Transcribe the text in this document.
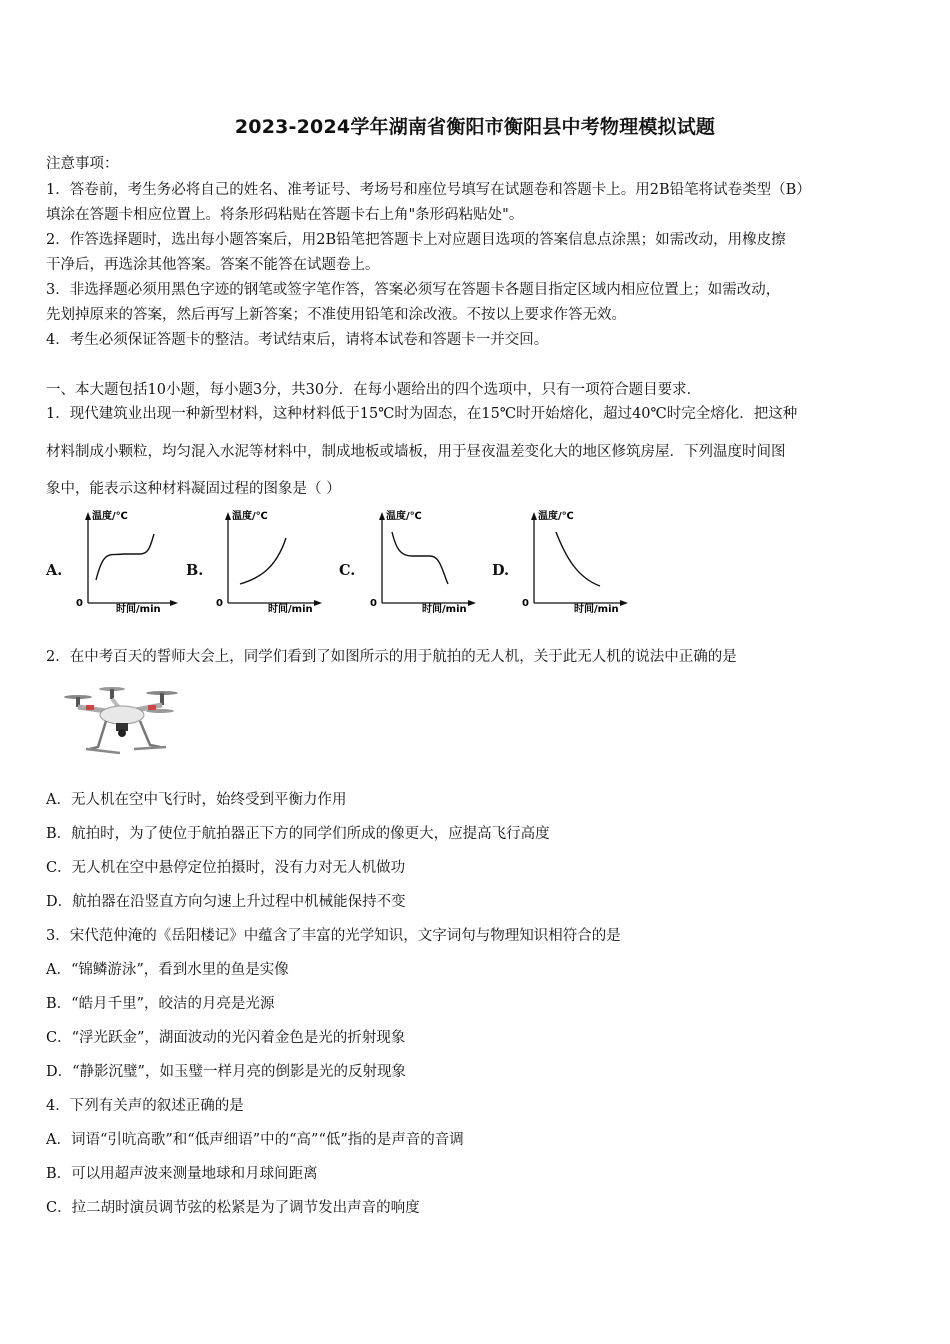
2023-2024学年湖南省衡阳市衡阳县中考物理模拟试题
注意事项：
1．答卷前，考生务必将自己的姓名、准考证号、考场号和座位号填写在试题卷和答题卡上。用2B铅笔将试卷类型（B）
填涂在答题卡相应位置上。将条形码粘贴在答题卡右上角"条形码粘贴处"。
2．作答选择题时，选出每小题答案后，用2B铅笔把答题卡上对应题目选项的答案信息点涂黑；如需改动，用橡皮擦
干净后，再选涂其他答案。答案不能答在试题卷上。
3．非选择题必须用黑色字迹的钢笔或签字笔作答，答案必须写在答题卡各题目指定区域内相应位置上；如需改动，
先划掉原来的答案，然后再写上新答案；不准使用铅笔和涂改液。不按以上要求作答无效。
4．考生必须保证答题卡的整洁。考试结束后，请将本试卷和答题卡一并交回。
一、本大题包括10小题，每小题3分，共30分．在每小题给出的四个选项中，只有一项符合题目要求．
1．现代建筑业出现一种新型材料，这种材料低于15℃时为固态，在15℃时开始熔化，超过40℃时完全熔化．把这种
材料制成小颗粒，均匀混入水泥等材料中，制成地板或墙板，用于昼夜温差变化大的地区修筑房屋．下列温度时间图
象中，能表示这种材料凝固过程的图象是（ ）
A.
温度/℃
时间/min
0
B.
温度/℃
时间/min
0
C.
温度/℃
时间/min
0
D.
温度/℃
时间/min
0
2．在中考百天的誓师大会上，同学们看到了如图所示的用于航拍的无人机，关于此无人机的说法中正确的是
A．无人机在空中飞行时，始终受到平衡力作用
B．航拍时，为了使位于航拍器正下方的同学们所成的像更大，应提高飞行高度
C．无人机在空中悬停定位拍摄时，没有力对无人机做功
D．航拍器在沿竖直方向匀速上升过程中机械能保持不变
3．宋代范仲淹的《岳阳楼记》中蕴含了丰富的光学知识，文字词句与物理知识相符合的是
A．“锦鳞游泳”，看到水里的鱼是实像
B．“皓月千里”，皎洁的月亮是光源
C．“浮光跃金”，湖面波动的光闪着金色是光的折射现象
D．“静影沉璧”，如玉璧一样月亮的倒影是光的反射现象
4．下列有关声的叙述正确的是
A．词语“引吭高歌”和“低声细语”中的“高”“低”指的是声音的音调
B．可以用超声波来测量地球和月球间距离
C．拉二胡时演员调节弦的松紧是为了调节发出声音的响度
